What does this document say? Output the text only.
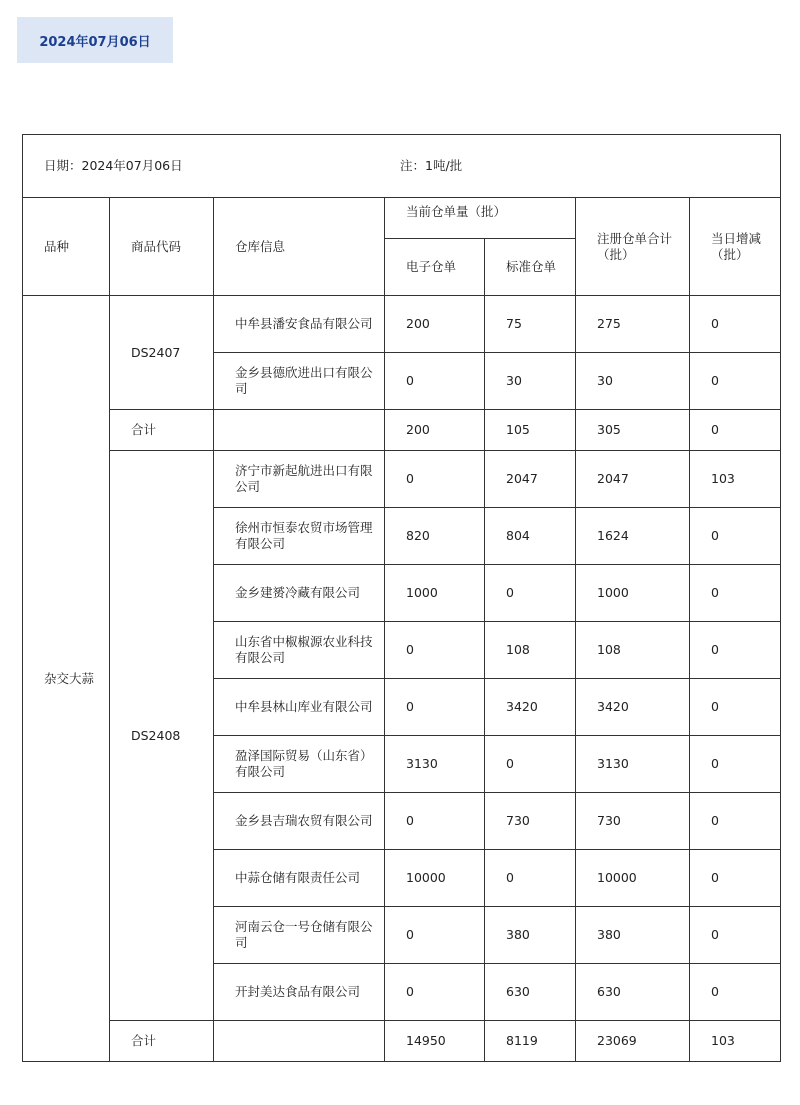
2024年07月06日
日期：2024年07月06日 注：1吨/批						

品种	商品代码	仓库信息	当前仓单量（批）		注册仓单合计（批）	当日增减（批）
			电子仓单	标准仓单		
杂交大蒜	DS2407	中牟县潘安食品有限公司	200	75	275	0
		金乡县德欣进出口有限公司	0	30	30	0
	合计		200	105	305	0
	DS2408	济宁市新起航进出口有限公司	0	2047	2047	103
		徐州市恒泰农贸市场管理有限公司	820	804	1624	0
		金乡建赟冷藏有限公司	1000	0	1000	0
		山东省中椒椒源农业科技有限公司	0	108	108	0
		中牟县林山库业有限公司	0	3420	3420	0
		盈泽国际贸易（山东省）有限公司	3130	0	3130	0
		金乡县吉瑞农贸有限公司	0	730	730	0
		中蒜仓储有限责任公司	10000	0	10000	0
		河南云仓一号仓储有限公司	0	380	380	0
		开封美达食品有限公司	0	630	630	0
	合计		14950	8119	23069	103
